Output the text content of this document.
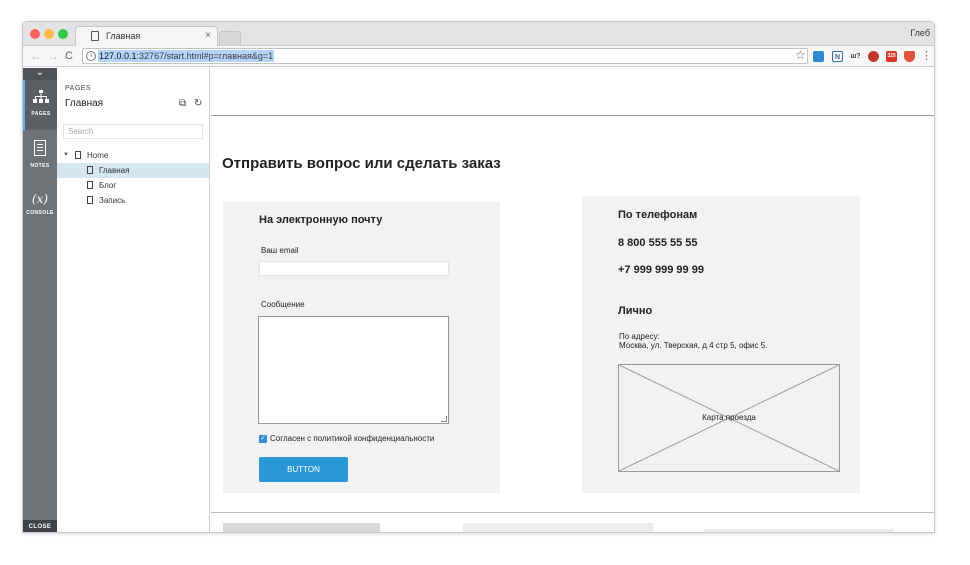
Главная	×	Глеб
← → C	i 127.0.0.1:32767/start.html#p=главная&g=1	☆	N	ш?	329 ⋮
⌄
PAGES
NOTES
(x)
CONSOLE
CLOSE
PAGES
Главная	⧉ ↻
Search
▼ Home
Главная
Блог
Запись
Отправить вопрос или сделать заказ
На электронную почту
Ваш email
Сообщение
✓ Согласен с политикой конфиденциальности
BUTTON
По телефонам
8 800 555 55 55
+7 999 999 99 99
Лично
По адресу:
Москва, ул. Тверская, д 4 стр 5, офис 5.
Карта проезда
